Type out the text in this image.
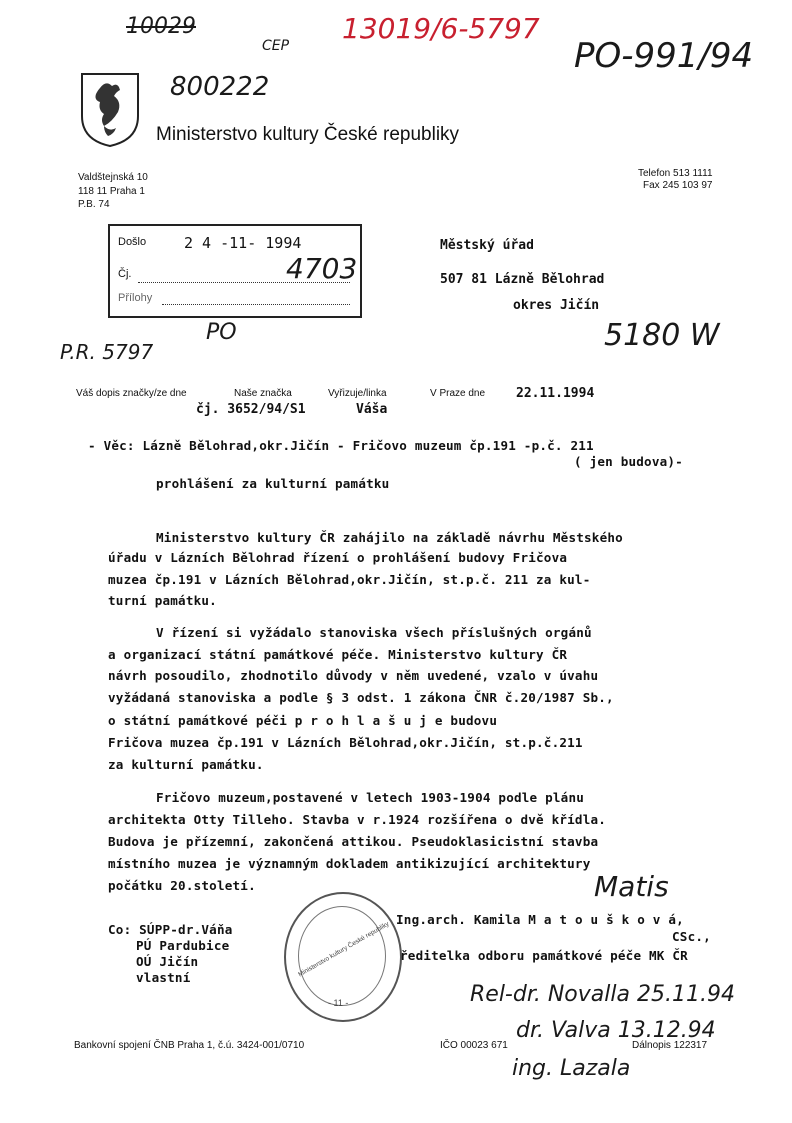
10029
CEP
13019/6-5797
PO-991/94
800222
Ministerstvo kultury České republiky
Valdštejnská 10
118 11 Praha 1
P.B. 74
Telefon 513 1111
Fax 245 103 97
Došlo	2 4 -11- 1994
Čj.
Přílohy
4703
Městský úřad
507 81 Lázně Bělohrad
okres Jičín
5180 W
P.R. 5797
PO
Váš dopis značky/ze dne	Naše značka	Vyřizuje/linka	V Praze dne 22.11.1994
čj. 3652/94/S1	Váša
- Věc: Lázně Bělohrad,okr.Jičín - Fričovo muzeum čp.191 -p.č. 211
( jen budova)-
prohlášení za kulturní památku
Ministerstvo kultury ČR zahájilo na základě návrhu Městského
úřadu v Lázních Bělohrad řízení o prohlášení budovy Fričova
muzea čp.191 v Lázních Bělohrad,okr.Jičín, st.p.č. 211 za kul-
turní památku.
V řízení si vyžádalo stanoviska všech příslušných orgánů
a organizací státní památkové péče. Ministerstvo kultury ČR
návrh posoudilo, zhodnotilo důvody v něm uvedené, vzalo v úvahu
vyžádaná stanoviska a podle § 3 odst. 1 zákona ČNR č.20/1987 Sb.,
o státní památkové péči p r o h l a š u j e budovu
Fričova muzea čp.191 v Lázních Bělohrad,okr.Jičín, st.p.č.211
za kulturní památku.
Fričovo muzeum,postavené v letech 1903-1904 podle plánu
architekta Otty Tilleho. Stavba v r.1924 rozšířena o dvě křídla.
Budova je přízemní, zakončená attikou. Pseudoklasicistní stavba
místního muzea je významným dokladem antikizující architektury
počátku 20.století.
Co: SÚPP-dr.Váňa
PÚ Pardubice
OÚ Jičín
vlastní	Ministerstvo kultury České republiky
- 11 -
Matis
Ing.arch. Kamila M a t o u š k o v á,
CSc.,
ředitelka odboru památkové péče MK ČR
Rel-dr. Novalla 25.11.94
dr. Valva 13.12.94
ing. Lazala
Bankovní spojení ČNB Praha 1, č.ú. 3424-001/0710	IČO 00023 671	Dálnopis 122317
